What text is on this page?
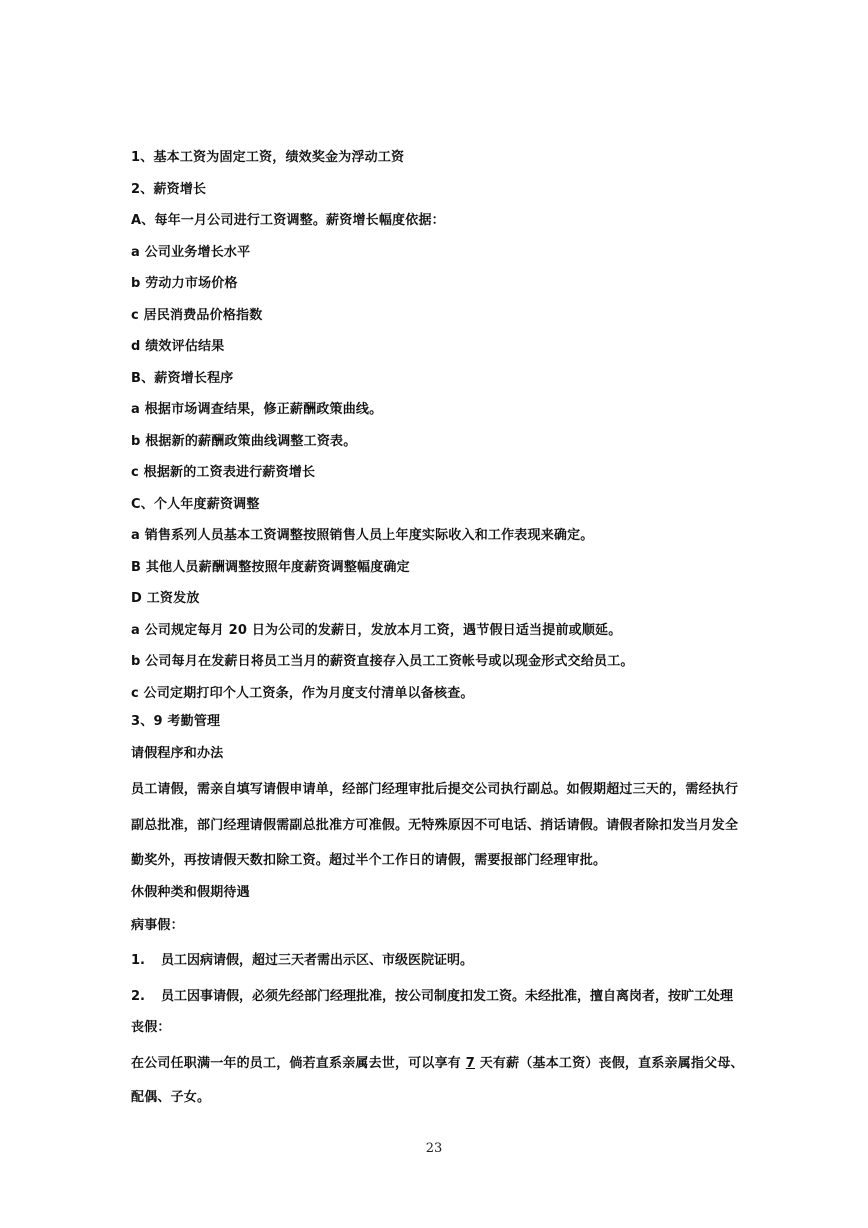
1、基本工资为固定工资，绩效奖金为浮动工资
2、薪资增长
A、每年一月公司进行工资调整。薪资增长幅度依据：
a 公司业务增长水平
b 劳动力市场价格
c 居民消费品价格指数
d 绩效评估结果
B、薪资增长程序
a 根据市场调查结果，修正薪酬政策曲线。
b 根据新的薪酬政策曲线调整工资表。
c 根据新的工资表进行薪资增长
C、个人年度薪资调整
a 销售系列人员基本工资调整按照销售人员上年度实际收入和工作表现来确定。
B 其他人员薪酬调整按照年度薪资调整幅度确定
D 工资发放
a 公司规定每月 20 日为公司的发薪日，发放本月工资，遇节假日适当提前或顺延。
b 公司每月在发薪日将员工当月的薪资直接存入员工工资帐号或以现金形式交给员工。
c 公司定期打印个人工资条，作为月度支付清单以备核查。
3、9 考勤管理
请假程序和办法
员工请假，需亲自填写请假申请单，经部门经理审批后提交公司执行副总。如假期超过三天的，需经执行
副总批准，部门经理请假需副总批准方可准假。无特殊原因不可电话、捎话请假。请假者除扣发当月发全
勤奖外，再按请假天数扣除工资。超过半个工作日的请假，需要报部门经理审批。
休假种类和假期待遇
病事假：
1. 员工因病请假，超过三天者需出示区、市级医院证明。
2. 员工因事请假，必须先经部门经理批准，按公司制度扣发工资。未经批准，擅自离岗者，按旷工处理
丧假：
在公司任职满一年的员工，倘若直系亲属去世，可以享有 7 天有薪（基本工资）丧假，直系亲属指父母、
配偶、子女。
23
